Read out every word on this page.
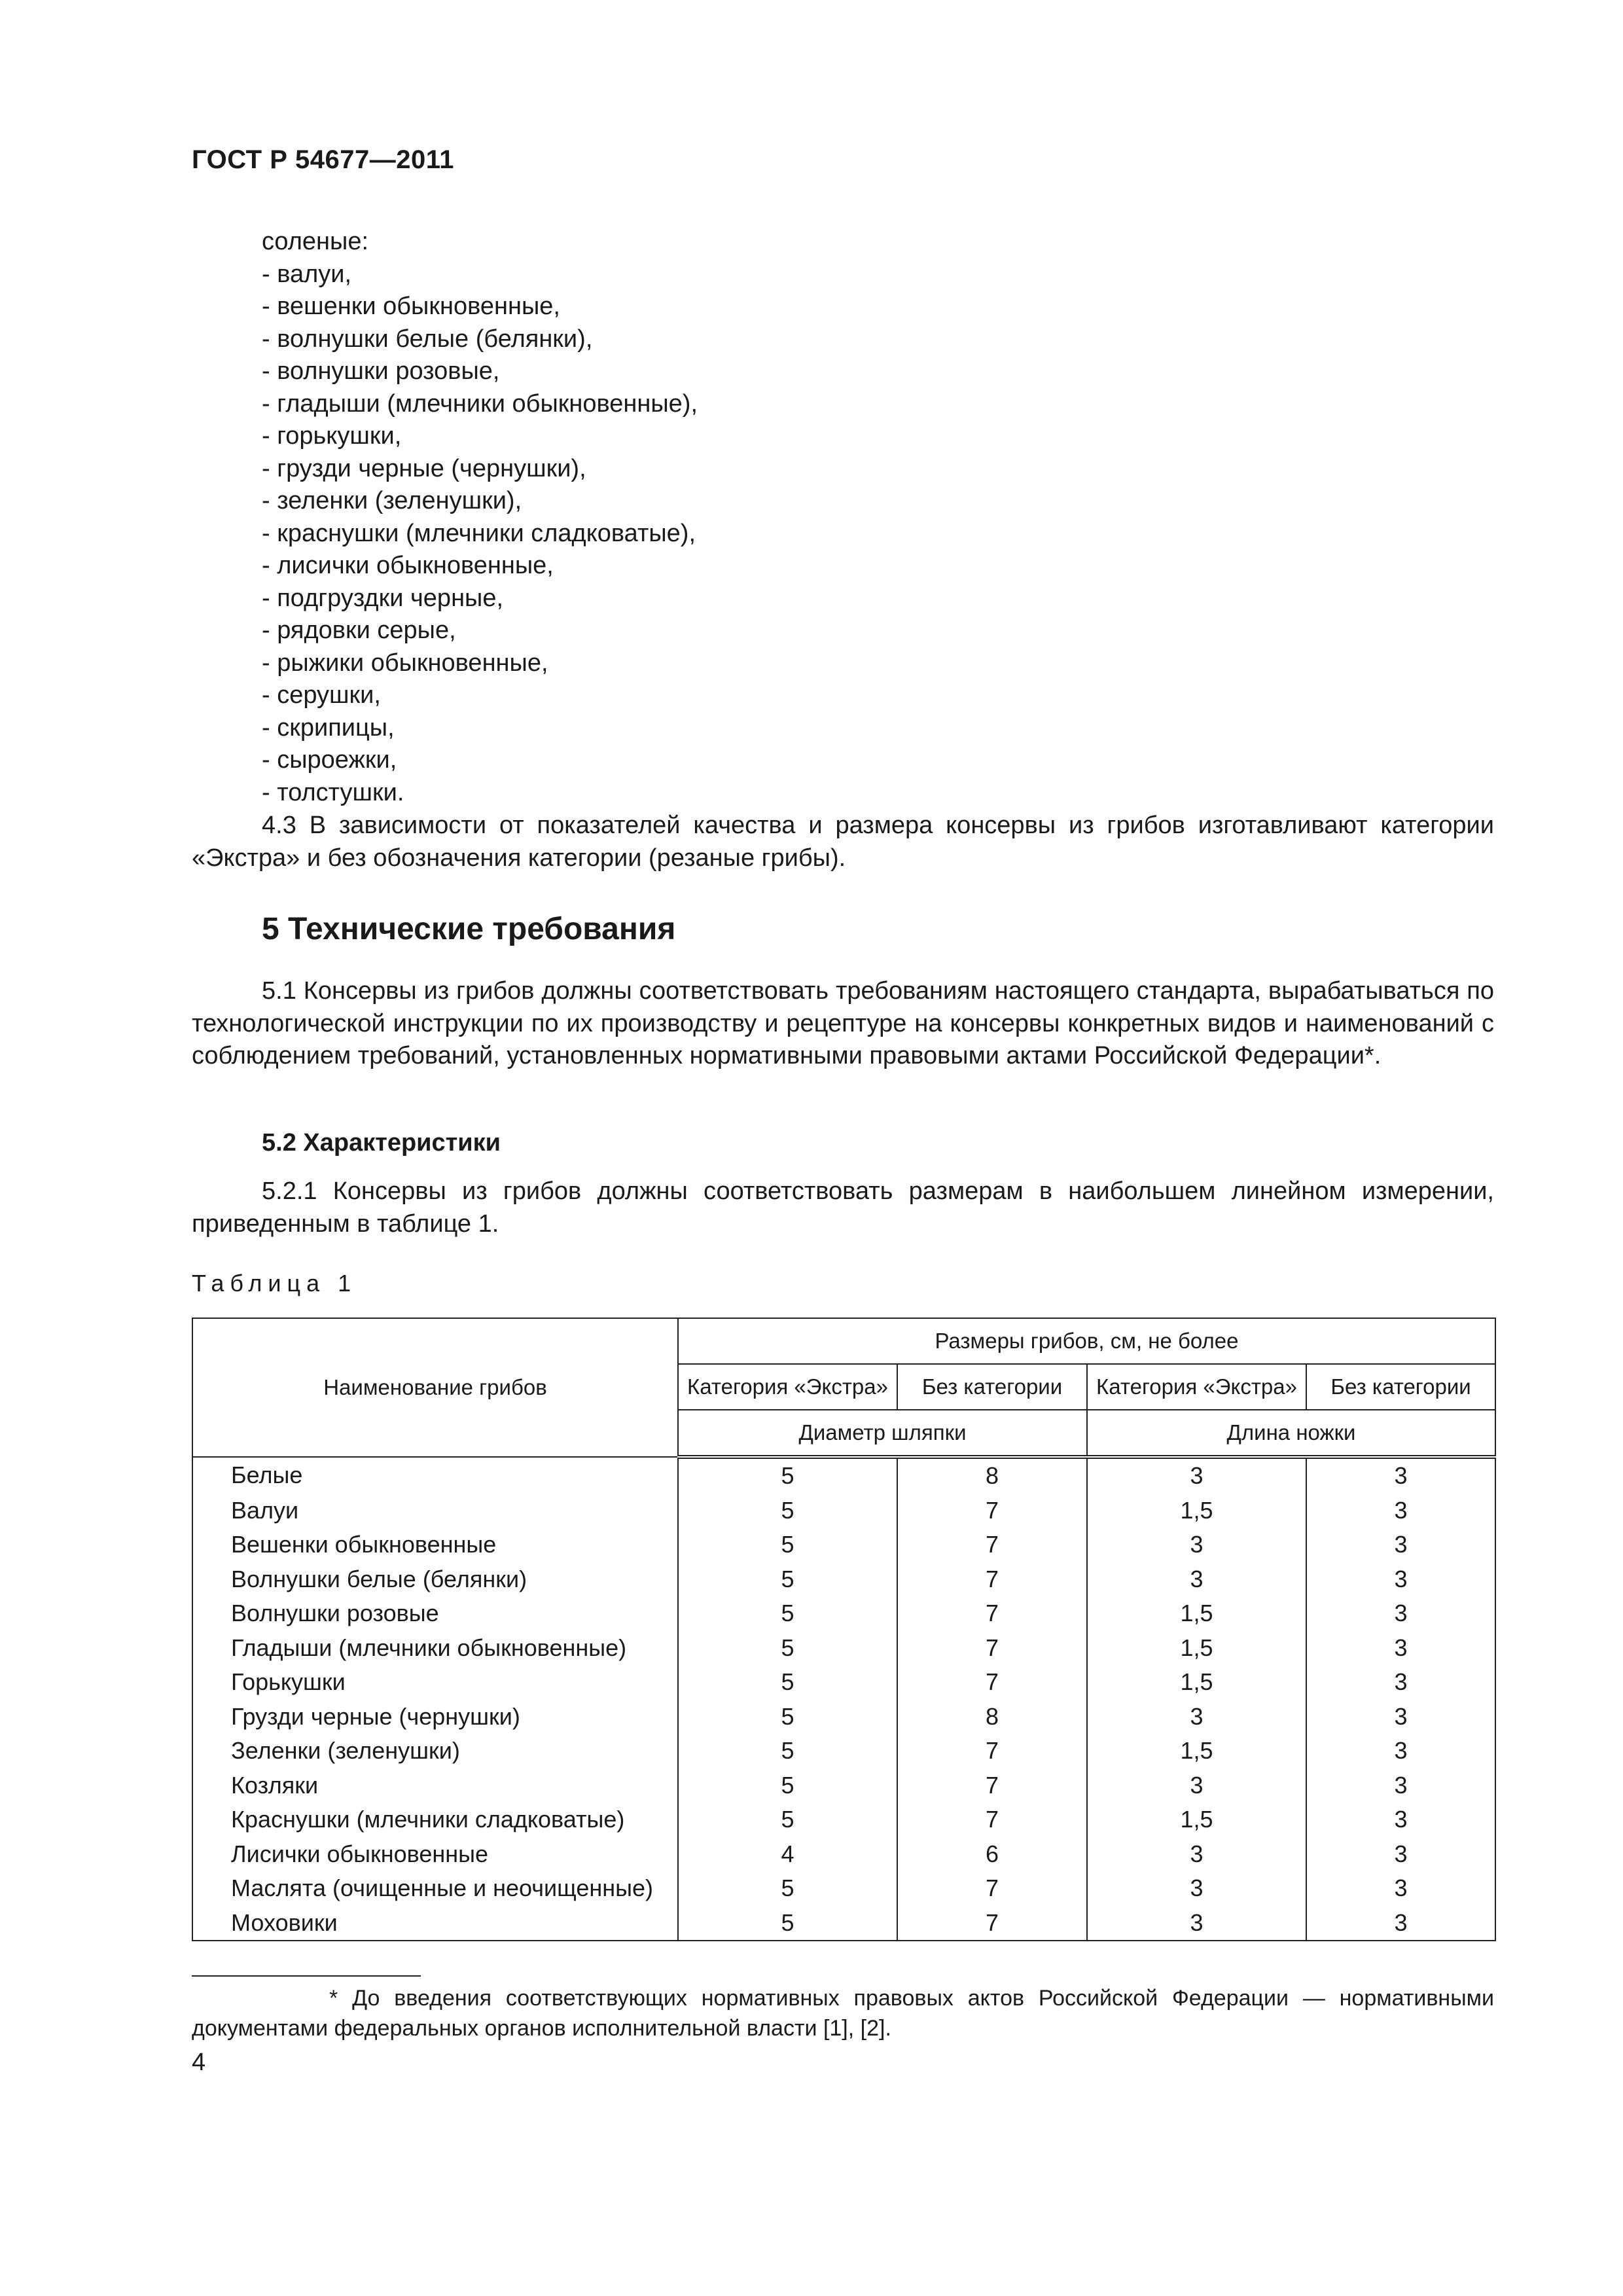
ГОСТ Р 54677—2011
соленые:
- валуи,
- вешенки обыкновенные,
- волнушки белые (белянки),
- волнушки розовые,
- гладыши (млечники обыкновенные),
- горькушки,
- грузди черные (чернушки),
- зеленки (зеленушки),
- краснушки (млечники сладковатые),
- лисички обыкновенные,
- подгруздки черные,
- рядовки серые,
- рыжики обыкновенные,
- серушки,
- скрипицы,
- сыроежки,
- толстушки.
4.3 В зависимости от показателей качества и размера консервы из грибов изготавливают категории «Экстра» и без обозначения категории (резаные грибы).
5 Технические требования
5.1 Консервы из грибов должны соответствовать требованиям настоящего стандарта, вырабатываться по технологической инструкции по их производству и рецептуре на консервы конкретных видов и наименований с соблюдением требований, установленных нормативными правовыми актами Российской Федерации*.
5.2 Характеристики
5.2.1 Консервы из грибов должны соответствовать размерам в наибольшем линейном измерении, приведенным в таблице 1.
Таблица 1
Наименование грибов	Размеры грибов, см, не более			
	Категория «Экстра»	Без категории	Категория «Экстра»	Без категории
	Диаметр шляпки		Длина ножки	
Белые	5	8	3	3
Валуи	5	7	1,5	3
Вешенки обыкновенные	5	7	3	3
Волнушки белые (белянки)	5	7	3	3
Волнушки розовые	5	7	1,5	3
Гладыши (млечники обыкновенные)	5	7	1,5	3
Горькушки	5	7	1,5	3
Грузди черные (чернушки)	5	8	3	3
Зеленки (зеленушки)	5	7	1,5	3
Козляки	5	7	3	3
Краснушки (млечники сладковатые)	5	7	1,5	3
Лисички обыкновенные	4	6	3	3
Маслята (очищенные и неочищенные)	5	7	3	3
Моховики	5	7	3	3
* До введения соответствующих нормативных правовых актов Российской Федерации — нормативными документами федеральных органов исполнительной власти [1], [2].
4
